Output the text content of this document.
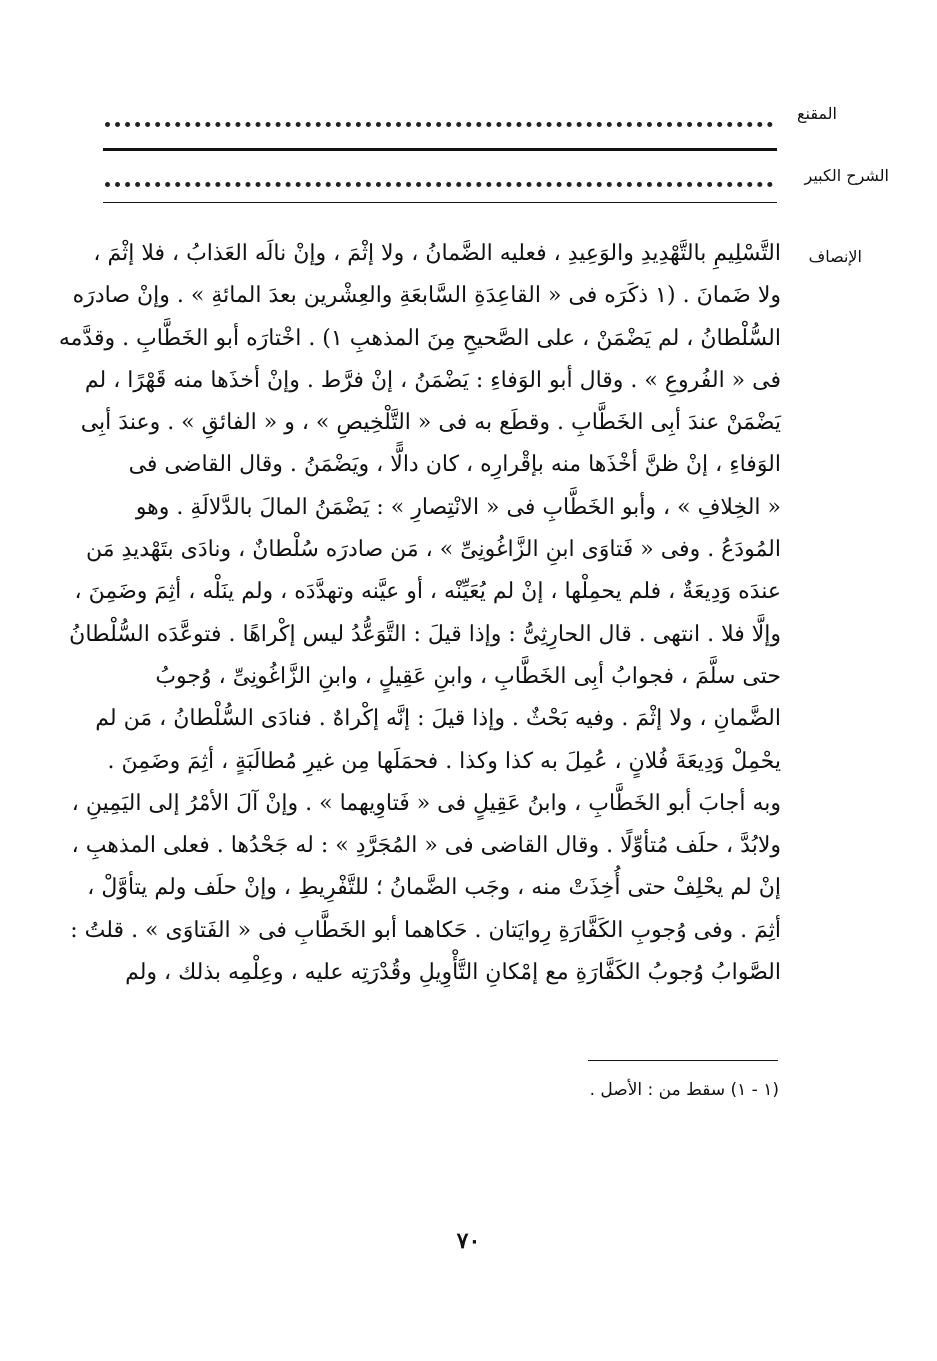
المقنع
الشرح الكبير
الإنصاف
التَّسْلِيمِ بالتَّهْدِيدِ والوَعِيدِ ، فعليه الضَّمانُ ، ولا إثْمَ ، وإنْ نالَه العَذابُ ، فلا إثْمَ ،
ولا ضَمانَ . (١ ذكَرَه فى « القاعِدَةِ السَّابعَةِ والعِشْرين بعدَ المائةِ » . وإنْ صادرَه
السُّلْطانُ ، لم يَضْمَنْ ، على الصَّحيحِ مِنَ المذهبِ ١) . اخْتارَه أبو الخَطَّابِ . وقدَّمه
فى « الفُروعِ » . وقال أبو الوَفاءِ : يَضْمَنُ ، إنْ فرَّط . وإنْ أخذَها منه قَهْرًا ، لم
يَضْمَنْ عندَ أبِى الخَطَّابِ . وقطَع به فى « التَّلْخِيصِ » ، و « الفائقِ » . وعندَ أبِى
الوَفاءِ ، إنْ ظنَّ أخْذَها منه بإقْرارِه ، كان دالًّا ، ويَضْمَنُ . وقال القاضى فى
« الخِلافِ » ، وأبو الخَطَّابِ فى « الانْتِصارِ » : يَضْمَنُ المالَ بالدَّلالَةِ . وهو
المُودَعُ . وفى « فَتاوَى ابنِ الزَّاغُونِىِّ » ، مَن صادرَه سُلْطانٌ ، ونادَى بتَهْديدِ مَن
عندَه وَدِيعَةٌ ، فلم يحمِلْها ، إنْ لم يُعَيِّنْه ، أو عيَّنه وتهدَّدَه ، ولم ينَلْه ، أثِمَ وضَمِنَ ،
وإلَّا فلا . انتهى . قال الحارِثِىُّ : وإذا قيلَ : التَّوَعُّدُ ليس إكْراهًا . فتوعَّدَه السُّلْطانُ
حتى سلَّمَ ، فجوابُ أبِى الخَطَّابِ ، وابنِ عَقِيلٍ ، وابنِ الزَّاغُونِىِّ ، وُجوبُ
الضَّمانِ ، ولا إثْمَ . وفيه بَحْثٌ . وإذا قيلَ : إنَّه إكْراهٌ . فنادَى السُّلْطانُ ، مَن لم
يحْمِلْ وَدِيعَةَ فُلانٍ ، عُمِلَ به كذا وكذا . فحمَلَها مِن غيرِ مُطالَبَةٍ ، أثِمَ وضَمِنَ .
وبه أجابَ أبو الخَطَّابِ ، وابنُ عَقِيلٍ فى « فَتاوِيهما » . وإنْ آلَ الأمْرُ إلى اليَمِينِ ،
ولابُدَّ ، حلَف مُتأوِّلًا . وقال القاضى فى « المُجَرَّدِ » : له جَحْدُها . فعلى المذهبِ ،
إنْ لم يحْلِفْ حتى أُخِذَتْ منه ، وجَب الضَّمانُ ؛ للتَّفْرِيطِ ، وإنْ حلَف ولم يتأوَّلْ ،
أثِمَ . وفى وُجوبِ الكَفَّارَةِ رِوايَتان . حَكاهما أبو الخَطَّابِ فى « الفَتاوَى » . قلتُ :
الصَّوابُ وُجوبُ الكَفَّارَةِ مع إمْكانِ التَّأْوِيلِ وقُدْرَتِه عليه ، وعِلْمِه بذلك ، ولم
(١ - ١) سقط من : الأصل .
٧٠
